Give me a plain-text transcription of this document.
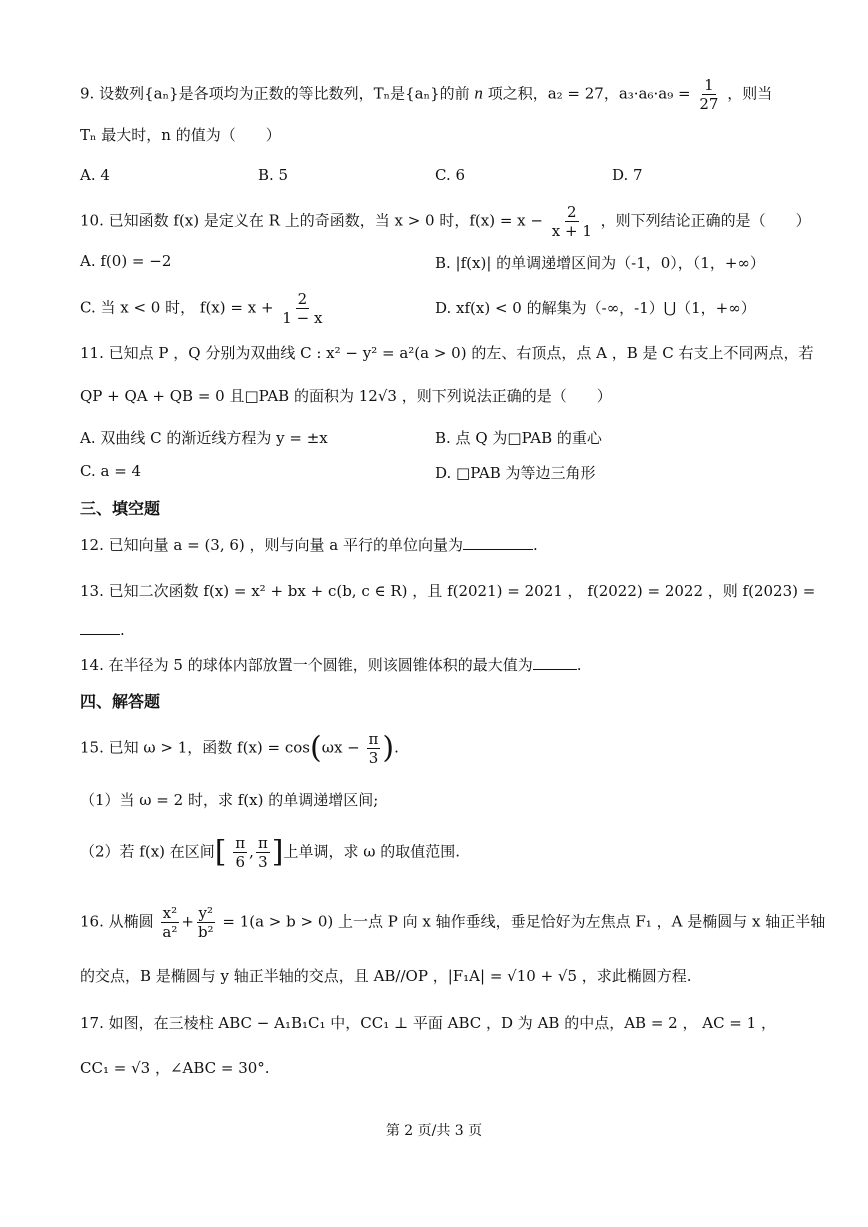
9. 设数列{aₙ}是各项均为正数的等比数列，Tₙ是{aₙ}的前 n 项之积，a₂ = 27，$a_3\cdot a_6\cdot a_9 = \frac{1}{27}$ ，则当
Tₙ 最大时，n 的值为（　　）
A. 4	B. 5	C. 6	D. 7
10. 已知函数 f(x) 是定义在 R 上的奇函数，当 x > 0 时，$f(x) = x - \frac{2}{x + 1}$ ，则下列结论正确的是（　　）
A. f(0) = −2	B. |f(x)| 的单调递增区间为（-1，0），（1，+∞）
C. 当 x < 0 时， $f(x) = x + \frac{2}{1 - x}$	D. xf(x) < 0 的解集为（-∞，-1）⋃（1，+∞）
11. 已知点 P ，Q 分别为双曲线 C : x² − y² = a²(a > 0) 的左、右顶点，点 A ，B 是 C 右支上不同两点，若
QP + QA + QB = 0 且□PAB 的面积为 12√3 ，则下列说法正确的是（　　）
A. 双曲线 C 的渐近线方程为 y = ±x	B. 点 Q 为□PAB 的重心
C. a = 4	D. □PAB 为等边三角形
三、填空题
12. 已知向量 a = (3, 6) ，则与向量 a 平行的单位向量为	.
13. 已知二次函数 f(x) = x² + bx + c(b, c ∈ R) ，且 f(2021) = 2021 ， f(2022) = 2022 ，则 f(2023) =
.
14. 在半径为 5 的球体内部放置一个圆锥，则该圆锥体积的最大值为	.
四、解答题
15. 已知 ω > 1，函数 $f(x) = \cos(\omega x - \frac{\pi}{3}$ ).
（1）当 ω = 2 时，求 f(x) 的单调递增区间;
（2）若 f(x) 在区间[ $\frac{\pi}{6}$ , $\frac{\pi}{3}$ ]上单调，求 ω 的取值范围.
16. 从椭圆 $\frac{\text{x²}}{\text{a²}} + \frac{\text{y²}}{\text{b²}} = 1(a > b > 0)$ 上一点 P 向 x 轴作垂线，垂足恰好为左焦点 F₁ ，A 是椭圆与 x 轴正半轴
的交点，B 是椭圆与 y 轴正半轴的交点，且 AB//OP ，|F₁A| = √10 + √5 ，求此椭圆方程.
17. 如图，在三棱柱 ABC − A₁B₁C₁ 中，CC₁ ⊥ 平面 ABC ，D 为 AB 的中点，AB = 2 ， AC = 1 ，
CC₁ = √3 ，∠ABC = 30°.
第 2 页/共 3 页
